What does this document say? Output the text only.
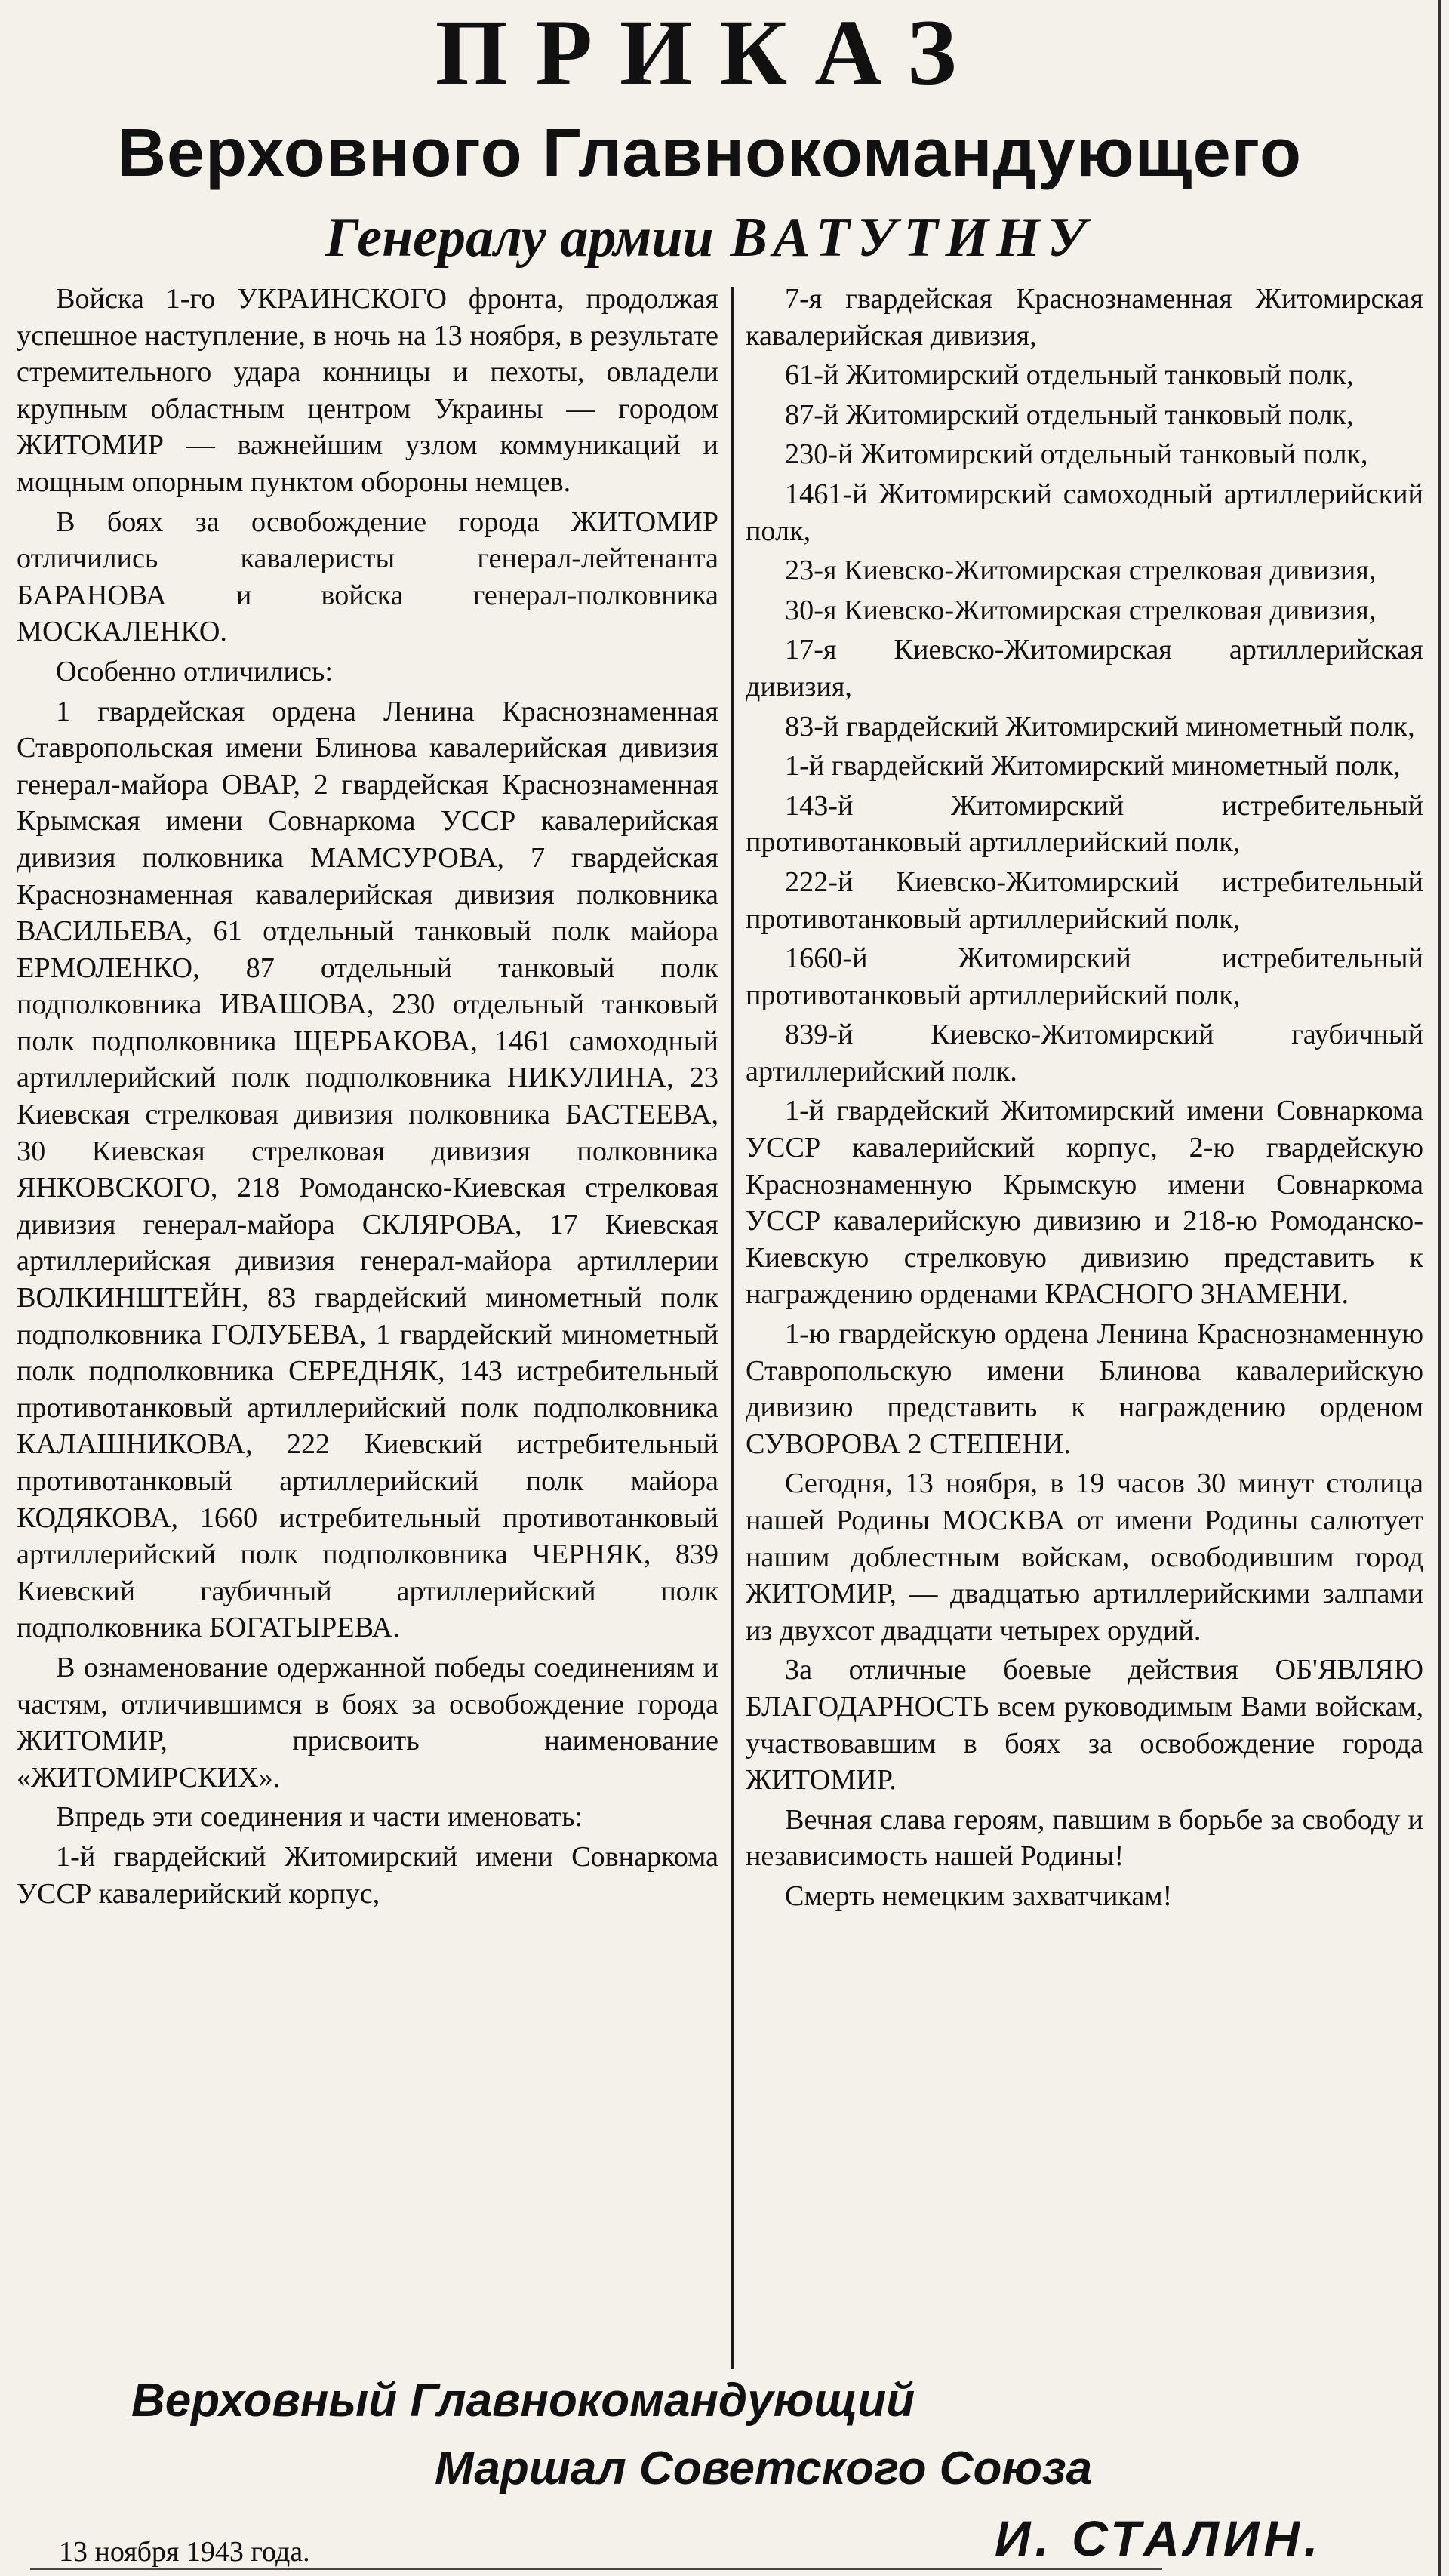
ПРИКАЗ
Верховного Главнокомандующего
Генералу армии ВАТУТИНУ

Войска 1-го УКРАИНСКОГО фронта, продолжая успешное наступление, в ночь на 13 ноября, в результате стремительного удара конницы и пехоты, овладели крупным областным центром Украины — городом ЖИТОМИР — важнейшим узлом коммуникаций и мощным опорным пунктом обороны немцев.

В боях за освобождение города ЖИТОМИР отличились кавалеристы генерал-лейтенанта БАРАНОВА и войска генерал-полковника МОСКАЛЕНКО.

Особенно отличились:

1 гвардейская ордена Ленина Краснознаменная Ставропольская имени Блинова кавалерийская дивизия генерал-майора ОВАР, 2 гвардейская Краснознаменная Крымская имени Совнаркома УССР кавалерийская дивизия полковника МАМСУРОВА, 7 гвардейская Краснознаменная кавалерийская дивизия полковника ВАСИЛЬЕВА, 61 отдельный танковый полк майора ЕРМОЛЕНКО, 87 отдельный танковый полк подполковника ИВАШОВА, 230 отдельный танковый полк подполковника ЩЕРБАКОВА, 1461 самоходный артиллерийский полк подполковника НИКУЛИНА, 23 Киевская стрелковая дивизия полковника БАСТЕЕВА, 30 Киевская стрелковая дивизия полковника ЯНКОВСКОГО, 218 Ромоданско-Киевская стрелковая дивизия генерал-майора СКЛЯРОВА, 17 Киевская артиллерийская дивизия генерал-майора артиллерии ВОЛКИНШТЕЙН, 83 гвардейский минометный полк подполковника ГОЛУБЕВА, 1 гвардейский минометный полк подполковника СЕРЕДНЯК, 143 истребительный противотанковый артиллерийский полк подполковника КАЛАШНИКОВА, 222 Киевский истребительный противотанковый артиллерийский полк майора КОДЯКОВА, 1660 истребительный противотанковый артиллерийский полк подполковника ЧЕРНЯК, 839 Киевский гаубичный артиллерийский полк подполковника БОГАТЫРЕВА.

В ознаменование одержанной победы соединениям и частям, отличившимся в боях за освобождение города ЖИТОМИР, присвоить наименование «ЖИТОМИРСКИХ».

Впредь эти соединения и части именовать:

1-й гвардейский Житомирский имени Совнаркома УССР кавалерийский корпус,

7-я гвардейская Краснознаменная Житомирская кавалерийская дивизия,

61-й Житомирский отдельный танковый полк,

87-й Житомирский отдельный танковый полк,

230-й Житомирский отдельный танковый полк,

1461-й Житомирский самоходный артиллерийский полк,

23-я Киевско-Житомирская стрелковая дивизия,

30-я Киевско-Житомирская стрелковая дивизия,

17-я Киевско-Житомирская артиллерийская дивизия,

83-й гвардейский Житомирский минометный полк,

1-й гвардейский Житомирский минометный полк,

143-й Житомирский истребительный противотанковый артиллерийский полк,

222-й Киевско-Житомирский истребительный противотанковый артиллерийский полк,

1660-й Житомирский истребительный противотанковый артиллерийский полк,

839-й Киевско-Житомирский гаубичный артиллерийский полк.

1-й гвардейский Житомирский имени Совнаркома УССР кавалерийский корпус, 2-ю гвардейскую Краснознаменную Крымскую имени Совнаркома УССР кавалерийскую дивизию и 218-ю Ромоданско-Киевскую стрелковую дивизию представить к награждению орденами КРАСНОГО ЗНАМЕНИ.

1-ю гвардейскую ордена Ленина Краснознаменную Ставропольскую имени Блинова кавалерийскую дивизию представить к награждению орденом СУВОРОВА 2 СТЕПЕНИ.

Сегодня, 13 ноября, в 19 часов 30 минут столица нашей Родины МОСКВА от имени Родины салютует нашим доблестным войскам, освободившим город ЖИТОМИР, — двадцатью артиллерийскими залпами из двухсот двадцати четырех орудий.

За отличные боевые действия ОБ'ЯВЛЯЮ БЛАГОДАРНОСТЬ всем руководимым Вами войскам, участвовавшим в боях за освобождение города ЖИТОМИР.

Вечная слава героям, павшим в борьбе за свободу и независимость нашей Родины!

Смерть немецким захватчикам!

Верховный Главнокомандующий
Маршал Советского Союза
13 ноября 1943 года.	И. СТАЛИН.
